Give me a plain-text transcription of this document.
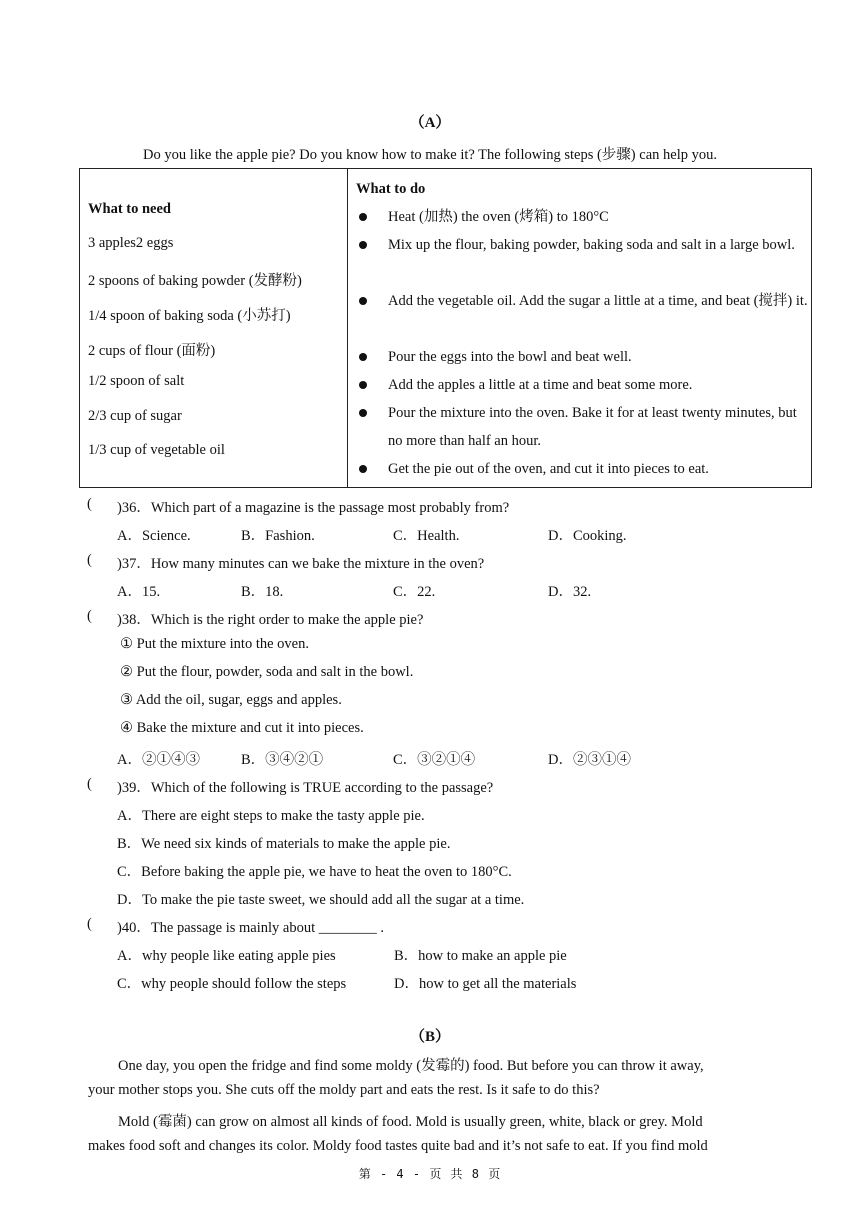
（A）
Do you like the apple pie? Do you know how to make it? The following steps (步骤) can help you.
What to need
3 apples2 eggs
2 spoons of baking powder (发酵粉)
1/4 spoon of baking soda (小苏打)
2 cups of flour (面粉)
1/2 spoon of salt
2/3 cup of sugar
1/3 cup of vegetable oil
What to do
Heat (加热) the oven (烤箱) to 180°C
Mix up the flour, baking powder, baking soda and salt in a large bowl.
Add the vegetable oil. Add the sugar a little at a time, and beat (搅拌) it.
Pour the eggs into the bowl and beat well.
Add the apples a little at a time and beat some more.
Pour the mixture into the oven. Bake it for at least twenty minutes, but no more than half an hour.
Get the pie out of the oven, and cut it into pieces to eat.
( )36．Which part of a magazine is the passage most probably from?
A．Science.	B．Fashion.	C．Health.	D．Cooking.
( )37．How many minutes can we bake the mixture in the oven?
A．15.	B．18.	C．22.	D．32.
( )38．Which is the right order to make the apple pie?
① Put the mixture into the oven.
② Put the flour, powder, soda and salt in the bowl.
③ Add the oil, sugar, eggs and apples.
④ Bake the mixture and cut it into pieces.
A．②①④③	B．③④②①	C．③②①④	D．②③①④
( )39．Which of the following is TRUE according to the passage?
A．There are eight steps to make the tasty apple pie.
B．We need six kinds of materials to make the apple pie.
C．Before baking the apple pie, we have to heat the oven to 180°C.
D．To make the pie taste sweet, we should add all the sugar at a time.
( )40．The passage is mainly about ________ .
A．why people like eating apple pies	B．how to make an apple pie
C．why people should follow the steps	D．how to get all the materials
（B）
One day, you open the fridge and find some moldy (发霉的) food. But before you can throw it away,
your mother stops you. She cuts off the moldy part and eats the rest. Is it safe to do this?
Mold (霉菌) can grow on almost all kinds of food. Mold is usually green, white, black or grey. Mold
makes food soft and changes its color. Moldy food tastes quite bad and it’s not safe to eat. If you find mold
第 - 4 - 页 共 8 页
